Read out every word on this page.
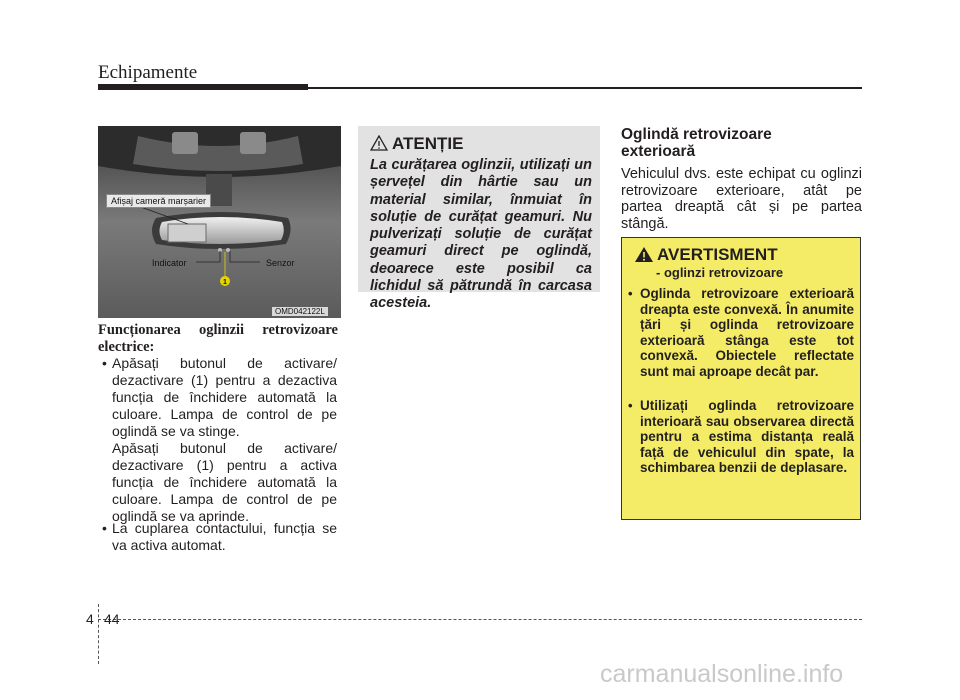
Echipamente
1
Afișaj cameră marșarier
Indicator	Senzor
OMD042122L
Funcționarea oglinzii retrovizoare electrice:
• Apăsați butonul de activare/ dezactivare (1) pentru a dezactiva funcția de închidere automată la culoare. Lampa de control de pe oglindă se va stinge.
Apăsați butonul de activare/ dezactivare (1) pentru a activa funcția de închidere automată la culoare. Lampa de control de pe oglindă se va aprinde.
• La cuplarea contactului, funcția se va activa automat.
ATENȚIE
La curățarea oglinzii, utilizați un șervețel din hârtie sau un material similar, înmuiat în soluție de curățat geamuri. Nu pulverizați soluție de curățat geamuri direct pe oglindă, deoarece este posibil ca lichidul să pătrundă în carcasa acesteia.
Oglindă retrovizoare exterioară
Vehiculul dvs. este echipat cu oglinzi retrovizoare exterioare, atât pe partea dreaptă cât și pe partea stângă.
AVERTISMENT
- oglinzi retrovizoare
• Oglinda retrovizoare exterioară dreapta este convexă. În anumite țări și oglinda retrovizoare exterioară stânga este tot convexă. Obiectele reflectate sunt mai aproape decât par.
• Utilizați oglinda retrovizoare interioară sau observarea directă pentru a estima distanța reală față de vehiculul din spate, la schimbarea benzii de deplasare.
4 44
carmanualsonline.info
